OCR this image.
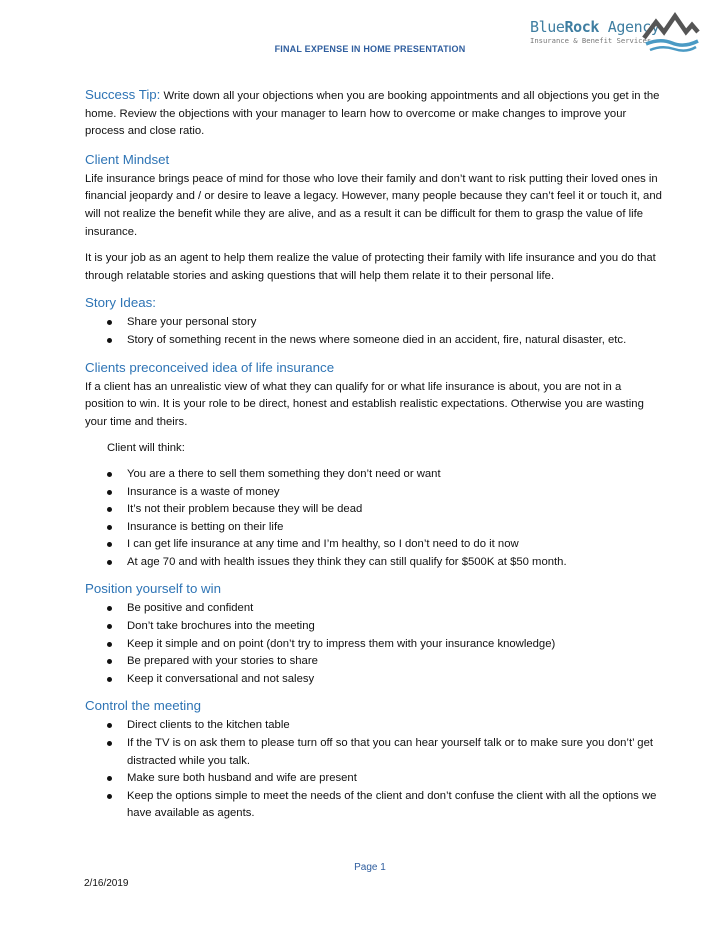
FINAL EXPENSE IN HOME PRESENTATION
BlueRock Agency
Insurance & Benefit Services

Success Tip: Write down all your objections when you are booking appointments and all objections you get in the home. Review the objections with your manager to learn how to overcome or make changes to improve your process and close ratio.

Client Mindset

Life insurance brings peace of mind for those who love their family and don’t want to risk putting their loved ones in financial jeopardy and / or desire to leave a legacy. However, many people because they can’t feel it or touch it, and will not realize the benefit while they are alive, and as a result it can be difficult for them to grasp the value of life insurance.

It is your job as an agent to help them realize the value of protecting their family with life insurance and you do that through relatable stories and asking questions that will help them relate it to their personal life.

Story Ideas:
Share your personal story
Story of something recent in the news where someone died in an accident, fire, natural disaster, etc.
Clients preconceived idea of life insurance

If a client has an unrealistic view of what they can qualify for or what life insurance is about, you are not in a position to win. It is your role to be direct, honest and establish realistic expectations. Otherwise you are wasting your time and theirs.

Client will think:

You are a there to sell them something they don’t need or want
Insurance is a waste of money
It’s not their problem because they will be dead
Insurance is betting on their life
I can get life insurance at any time and I’m healthy, so I don’t need to do it now
At age 70 and with health issues they think they can still qualify for $500K at $50 month.
Position yourself to win
Be positive and confident
Don’t take brochures into the meeting
Keep it simple and on point (don’t try to impress them with your insurance knowledge)
Be prepared with your stories to share
Keep it conversational and not salesy
Control the meeting
Direct clients to the kitchen table
If the TV is on ask them to please turn off so that you can hear yourself talk or to make sure you don’t’ get distracted while you talk.
Make sure both husband and wife are present
Keep the options simple to meet the needs of the client and don’t confuse the client with all the options we have available as agents.
Page 1
2/16/2019
